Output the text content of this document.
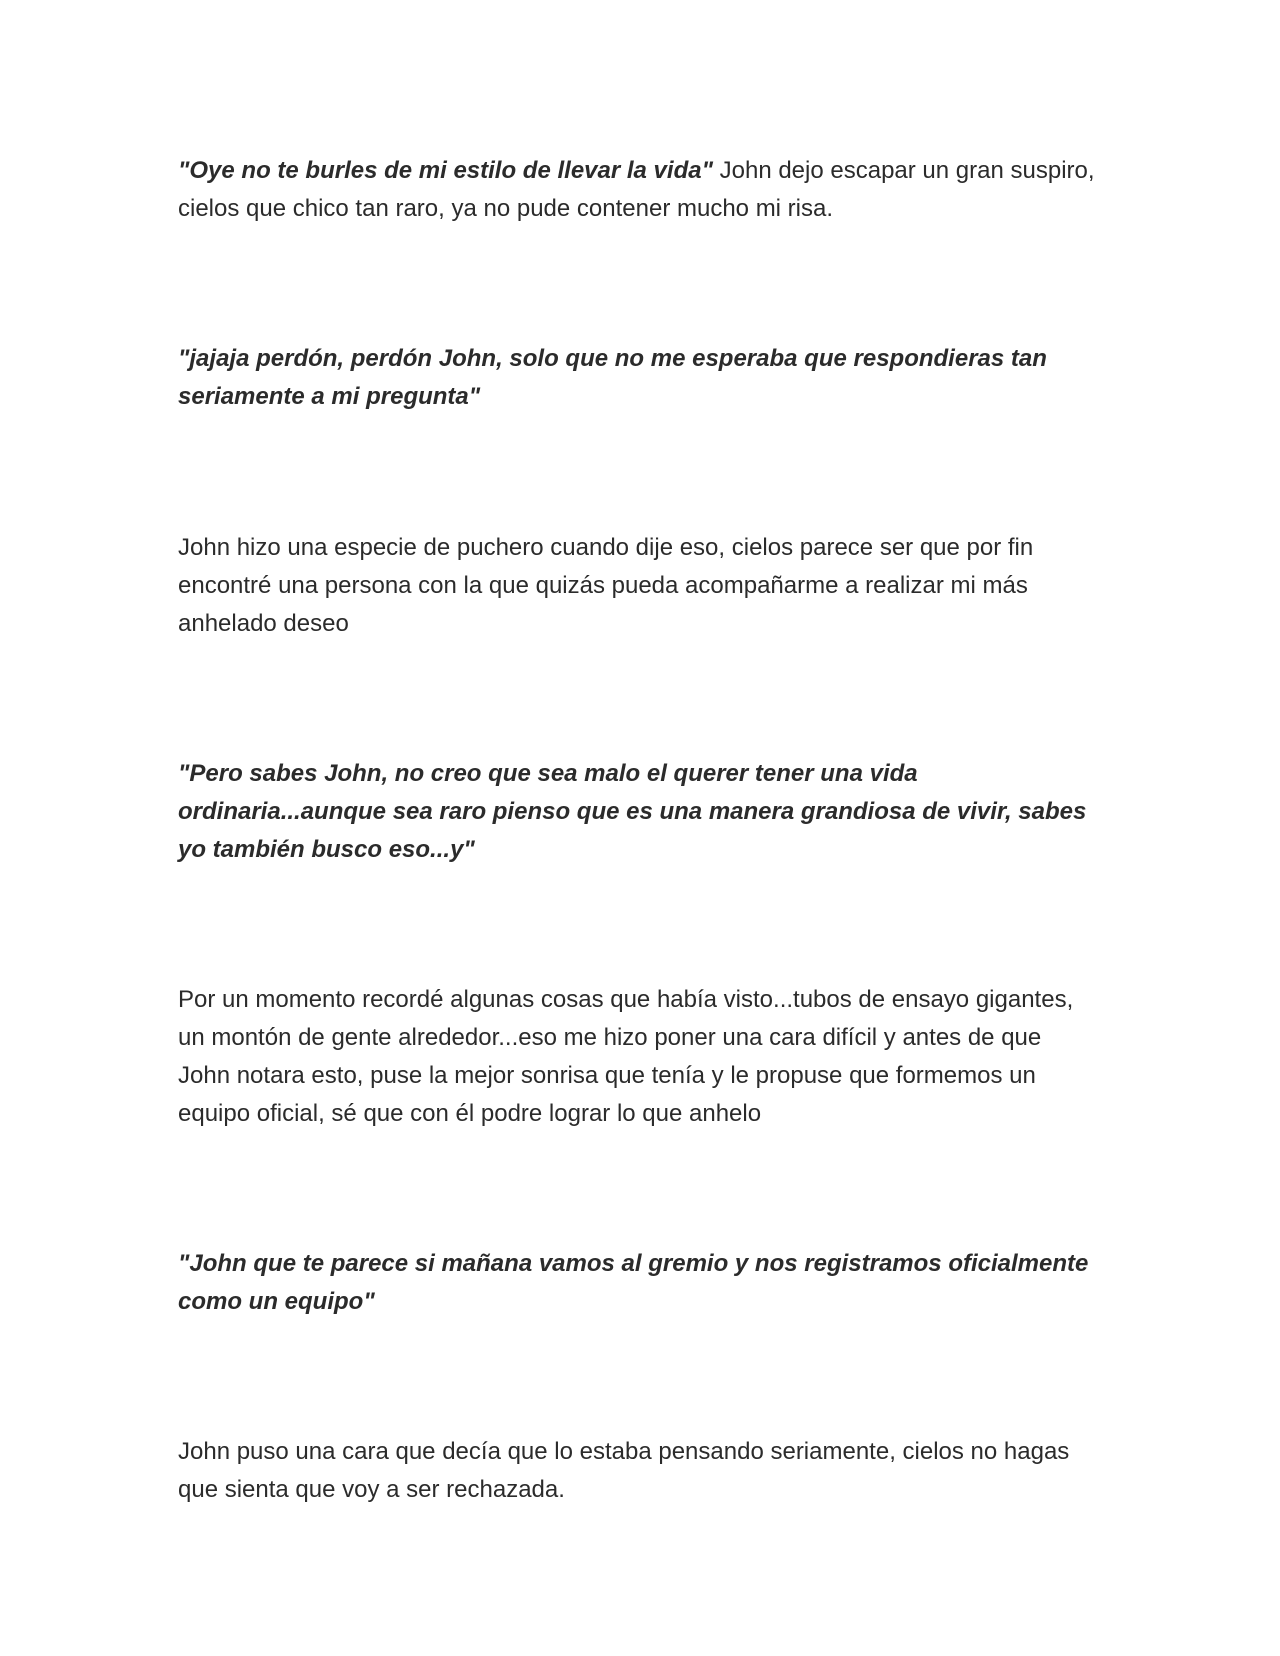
"Oye no te burles de mi estilo de llevar la vida" John dejo escapar un gran suspiro, cielos que chico tan raro, ya no pude contener mucho mi risa.

"jajaja perdón, perdón John, solo que no me esperaba que respondieras tan seriamente a mi pregunta"

John hizo una especie de puchero cuando dije eso, cielos parece ser que por fin encontré una persona con la que quizás pueda acompañarme a realizar mi más anhelado deseo

"Pero sabes John, no creo que sea malo el querer tener una vida ordinaria...aunque sea raro pienso que es una manera grandiosa de vivir, sabes yo también busco eso...y"

Por un momento recordé algunas cosas que había visto...tubos de ensayo gigantes, un montón de gente alrededor...eso me hizo poner una cara difícil y antes de que John notara esto, puse la mejor sonrisa que tenía y le propuse que formemos un equipo oficial, sé que con él podre lograr lo que anhelo

"John que te parece si mañana vamos al gremio y nos registramos oficialmente como un equipo"

John puso una cara que decía que lo estaba pensando seriamente, cielos no hagas que sienta que voy a ser rechazada.
